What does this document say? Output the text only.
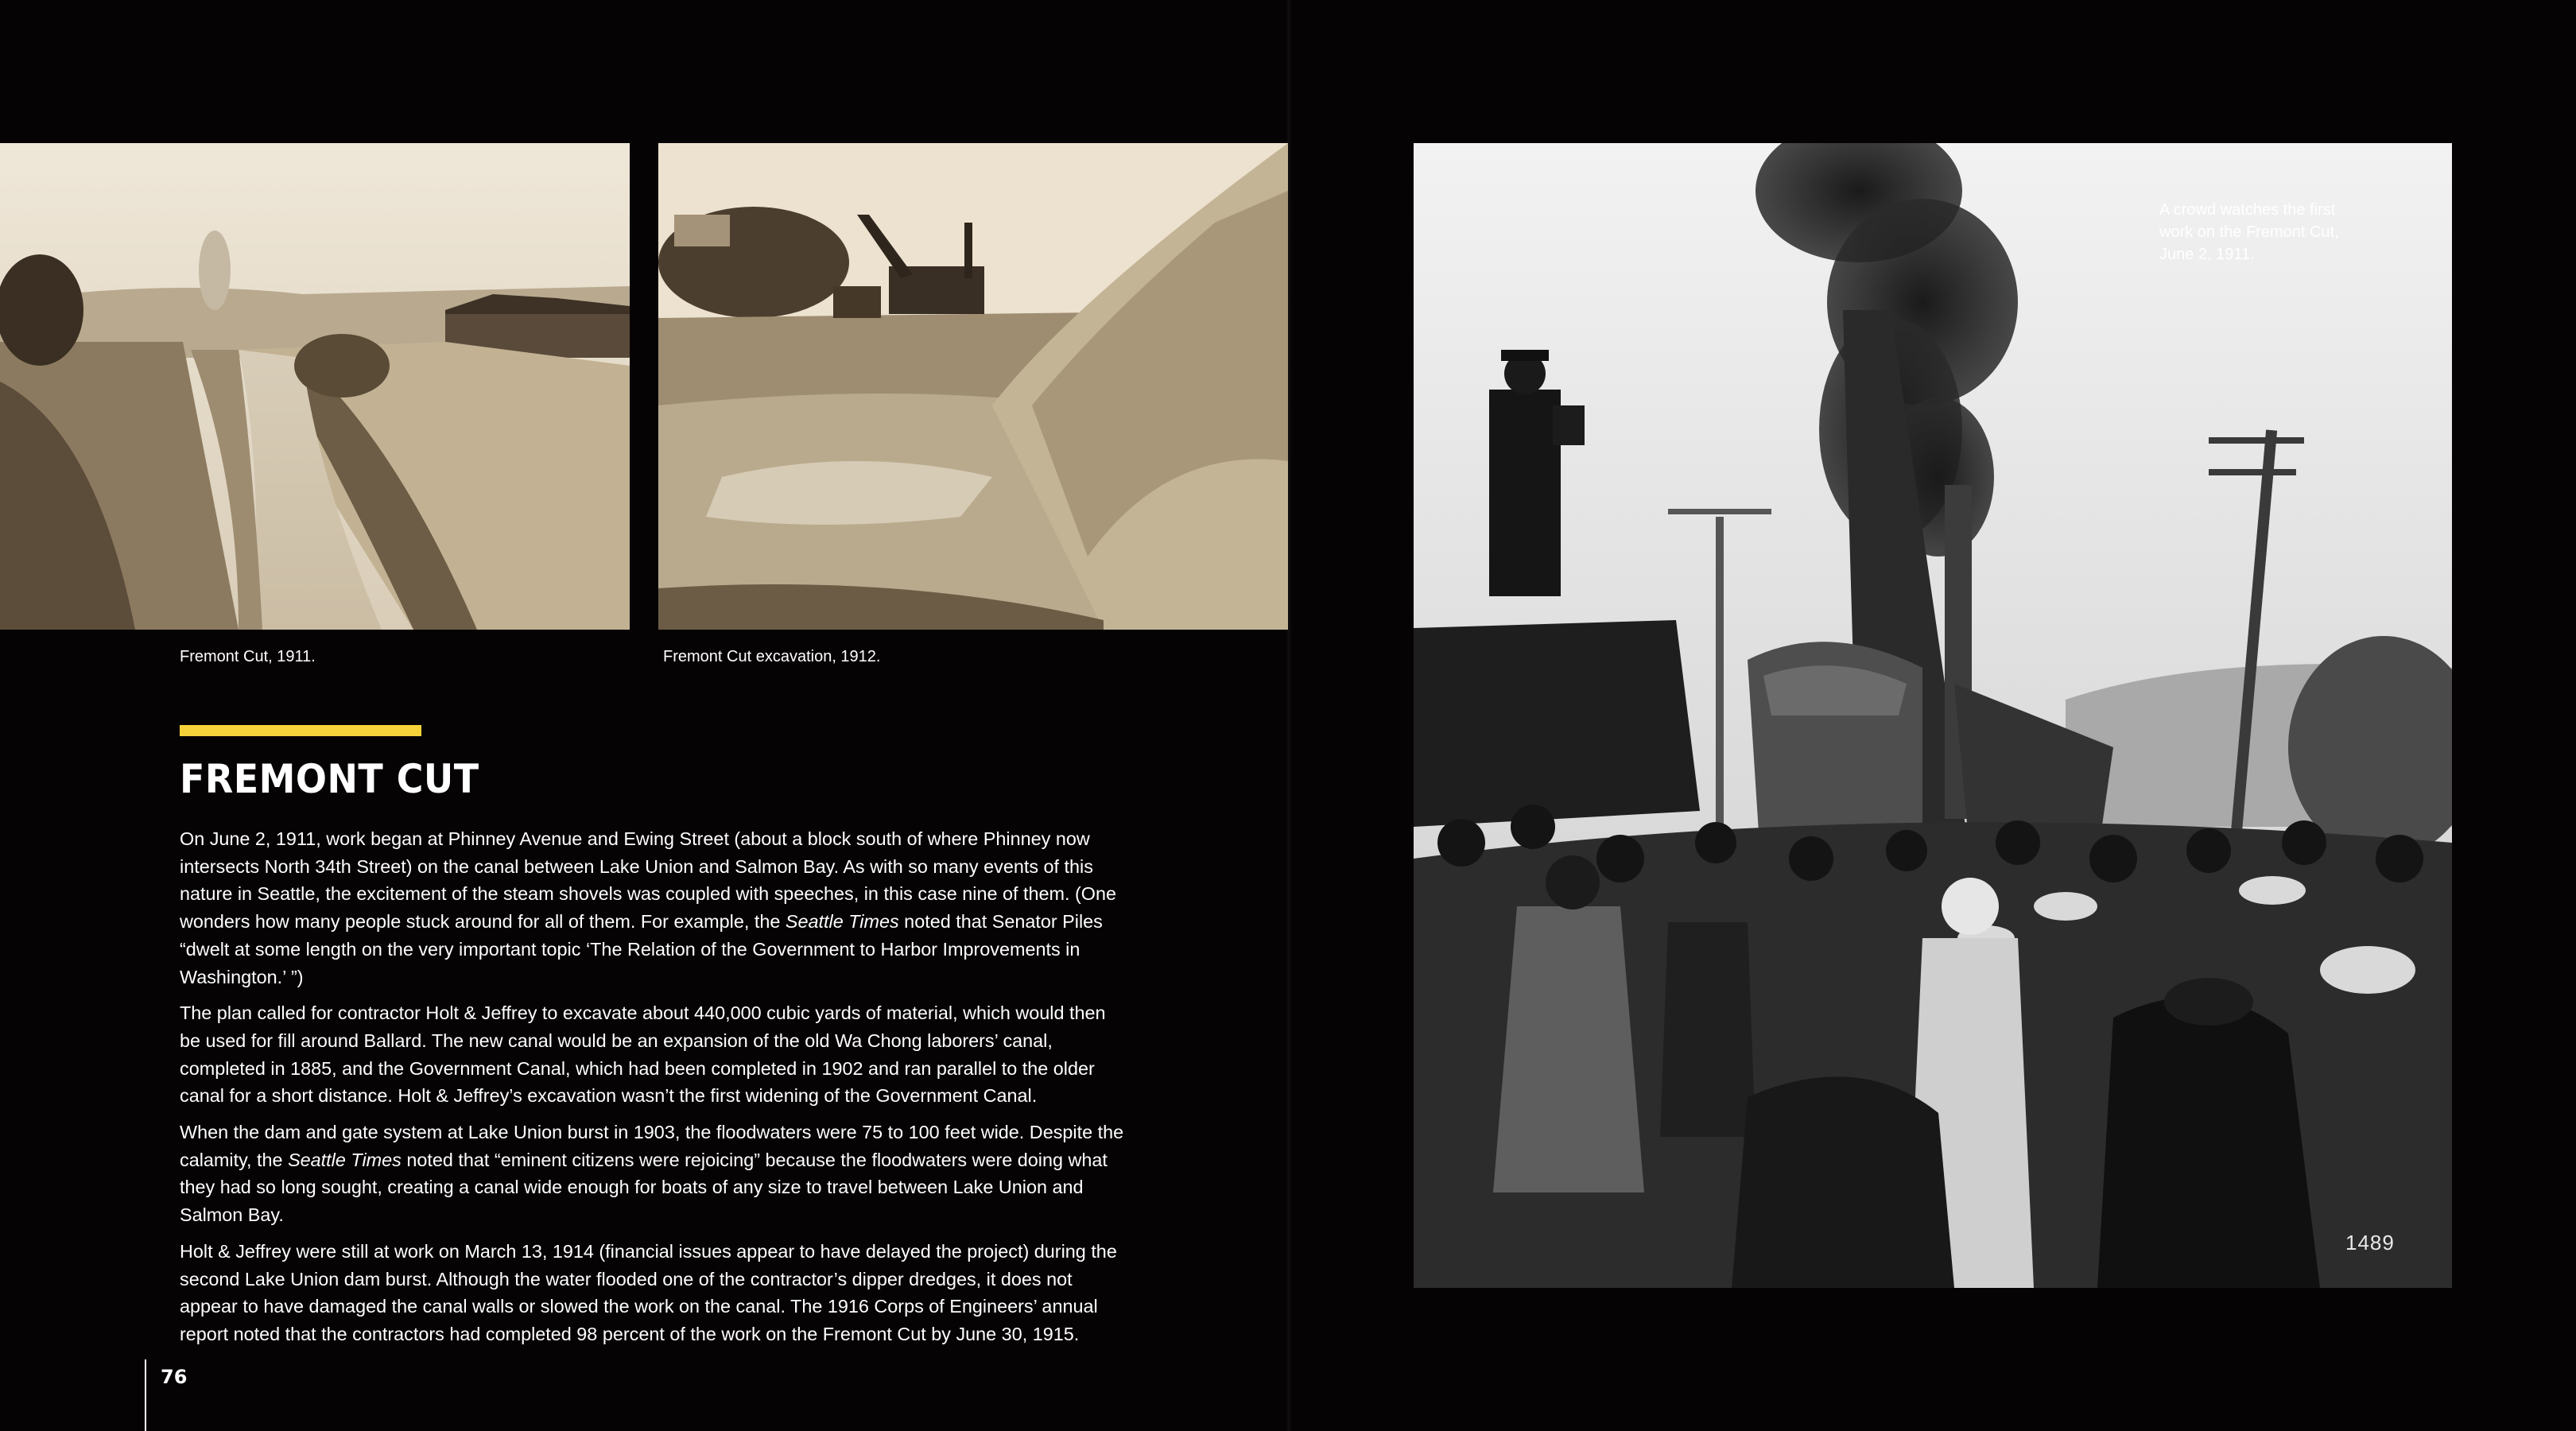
Fremont Cut, 1911.	Fremont Cut excavation, 1912.
FREMONT CUT

On June 2, 1911, work began at Phinney Avenue and Ewing Street (about a block south of where Phinney now intersects North 34th Street) on the canal between Lake Union and Salmon Bay. As with so many events of this nature in Seattle, the excitement of the steam shovels was coupled with speeches, in this case nine of them. (One wonders how many people stuck around for all of them. For example, the Seattle Times noted that Senator Piles “dwelt at some length on the very important topic ‘The Relation of the Government to Harbor Improvements in Washington.’ ”)

The plan called for contractor Holt & Jeffrey to excavate about 440,000 cubic yards of material, which would then be used for fill around Ballard. The new canal would be an expansion of the old Wa Chong laborers’ canal, completed in 1885, and the Government Canal, which had been completed in 1902 and ran parallel to the older canal for a short distance. Holt & Jeffrey’s excavation wasn’t the first widening of the Government Canal.

When the dam and gate system at Lake Union burst in 1903, the floodwaters were 75 to 100 feet wide. Despite the calamity, the Seattle Times noted that “eminent citizens were rejoicing” because the floodwaters were doing what they had so long sought, creating a canal wide enough for boats of any size to travel between Lake Union and Salmon Bay.

Holt & Jeffrey were still at work on March 13, 1914 (financial issues appear to have delayed the project) during the second Lake Union dam burst. Although the water flooded one of the contractor’s dipper dredges, it does not appear to have damaged the canal walls or slowed the work on the canal. The 1916 Corps of Engineers’ annual report noted that the contractors had completed 98 percent of the work on the Fremont Cut by June 30, 1915.

A crowd watches the first
work on the Fremont Cut,
June 2, 1911.
1489
76
